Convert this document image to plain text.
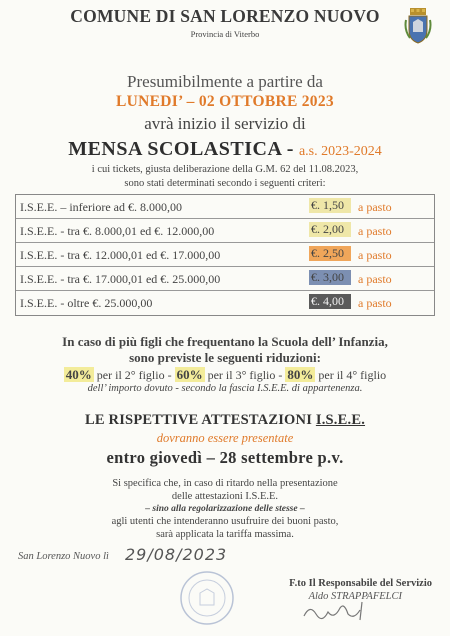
COMUNE DI SAN LORENZO NUOVO
Provincia di Viterbo
Presumibilmente a partire da
LUNEDI’ – 02 OTTOBRE 2023
avrà inizio il servizio di
MENSA SCOLASTICA - a.s. 2023-2024
i cui tickets, giusta deliberazione della G.M. 62 del 11.08.2023,
sono stati determinati secondo i seguenti criteri:
I.S.E.E. – inferiore ad €. 8.000,00	€. 1,50	a pasto
I.S.E.E. - tra €. 8.000,01 ed €. 12.000,00	€. 2,00	a pasto
I.S.E.E. - tra €. 12.000,01 ed €. 17.000,00	€. 2,50	a pasto
I.S.E.E. - tra €. 17.000,01 ed €. 25.000,00	€. 3,00	a pasto
I.S.E.E. - oltre €. 25.000,00	€. 4,00	a pasto
In caso di più figli che frequentano la Scuola dell’ Infanzia,
sono previste le seguenti riduzioni:
40% per il 2° figlio - 60% per il 3° figlio - 80% per il 4° figlio
dell’ importo dovuto - secondo la fascia I.S.E.E. di appartenenza.
LE RISPETTIVE ATTESTAZIONI I.S.E.E.
dovranno essere presentate
entro giovedì – 28 settembre p.v.
Si specifica che, in caso di ritardo nella presentazione
delle attestazioni I.S.E.E.
– sino alla regolarizzazione delle stesse –
agli utenti che intenderanno usufruire dei buoni pasto,
sarà applicata la tariffa massima.
San Lorenzo Nuovo lì 29/08/2023
F.to Il Responsabile del Servizio
Aldo STRAPPAFELCI
